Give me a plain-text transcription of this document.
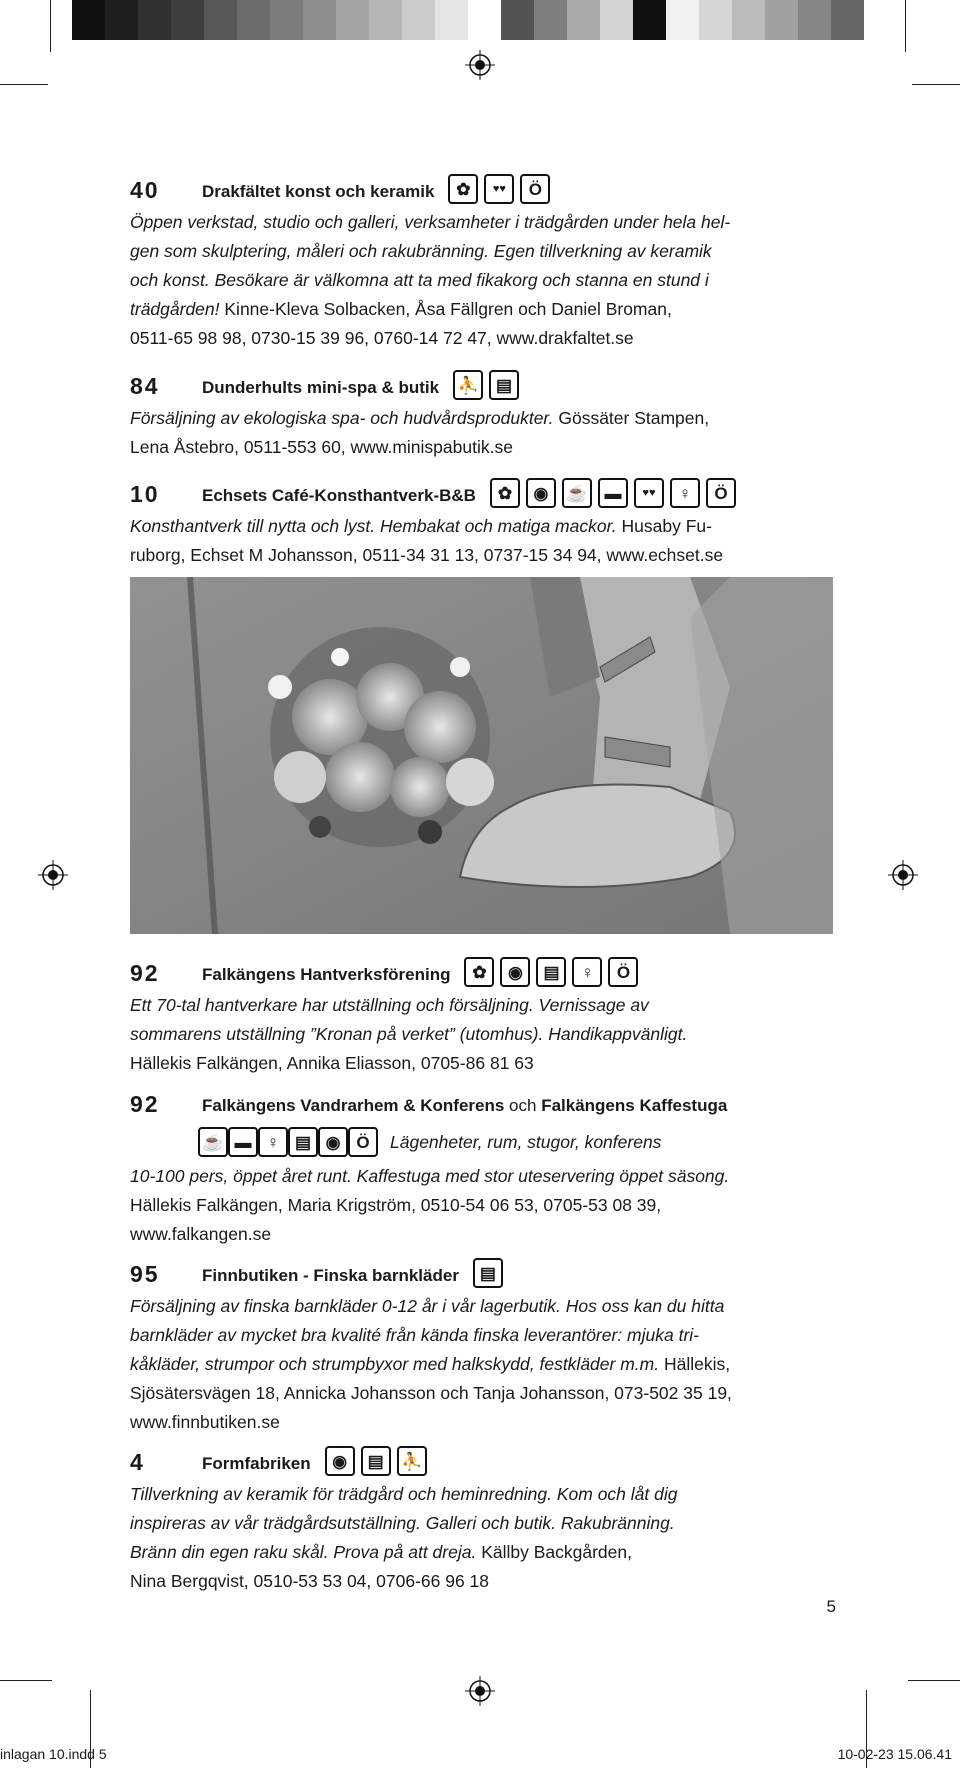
Drakfältet konst och keramik	✿	♥♥	Ö
40
Öppen verkstad, studio och galleri, verksamheter i trädgården under hela hel-
gen som skulptering, måleri och rakubränning. Egen tillverkning av keramik
och konst. Besökare är välkomna att ta med fikakorg och stanna en stund i
trädgården! Kinne-Kleva Solbacken, Åsa Fällgren och Daniel Broman,
0511-65 98 98, 0730-15 39 96, 0760-14 72 47, www.drakfaltet.se
Dunderhults mini-spa & butik ⛹	▤
84
Försäljning av ekologiska spa- och hudvårdsprodukter. Gössäter Stampen,
Lena Åstebro, 0511-553 60, www.minispabutik.se
Echsets Café-Konsthantverk-B&B	✿	◉	☕ ▬	♥♥	♀	Ö
10
Konsthantverk till nytta och lyst. Hembakat och matiga mackor. Husaby Fu-
ruborg, Echset M Johansson, 0511-34 31 13, 0737-15 34 94, www.echset.se
Falkängens Hantverksförening	✿	◉	▤	♀	Ö
92
Ett 70-tal hantverkare har utställning och försäljning. Vernissage av
sommarens utställning ”Kronan på verket” (utomhus). Handikappvänligt.
Hällekis Falkängen, Annika Eliasson, 0705-86 81 63
Falkängens Vandrarhem & Konferens och Falkängens Kaffestuga
92
☕ ▬ ♀ ▤ ◉ Ö	Lägenheter, rum, stugor, konferens
10-100 pers, öppet året runt. Kaffestuga med stor uteservering öppet säsong.
Hällekis Falkängen, Maria Krigström, 0510-54 06 53, 0705-53 08 39,
www.falkangen.se
Finnbutiken - Finska barnkläder	▤
95
Försäljning av finska barnkläder 0-12 år i vår lagerbutik. Hos oss kan du hitta
barnkläder av mycket bra kvalité från kända finska leverantörer: mjuka tri-
kåkläder, strumpor och strumpbyxor med halkskydd, festkläder m.m. Hällekis,
Sjösätersvägen 18, Annicka Johansson och Tanja Johansson, 073-502 35 19,
www.finnbutiken.se
Formfabriken	◉	▤	⛹
4
Tillverkning av keramik för trädgård och heminredning. Kom och låt dig
inspireras av vår trädgårdsutställning. Galleri och butik. Rakubränning.
Bränn din egen raku skål. Prova på att dreja. Källby Backgården,
Nina Bergqvist, 0510-53 53 04, 0706-66 96 18
5
inlagan 10.indd 5	10-02-23 15.06.41
